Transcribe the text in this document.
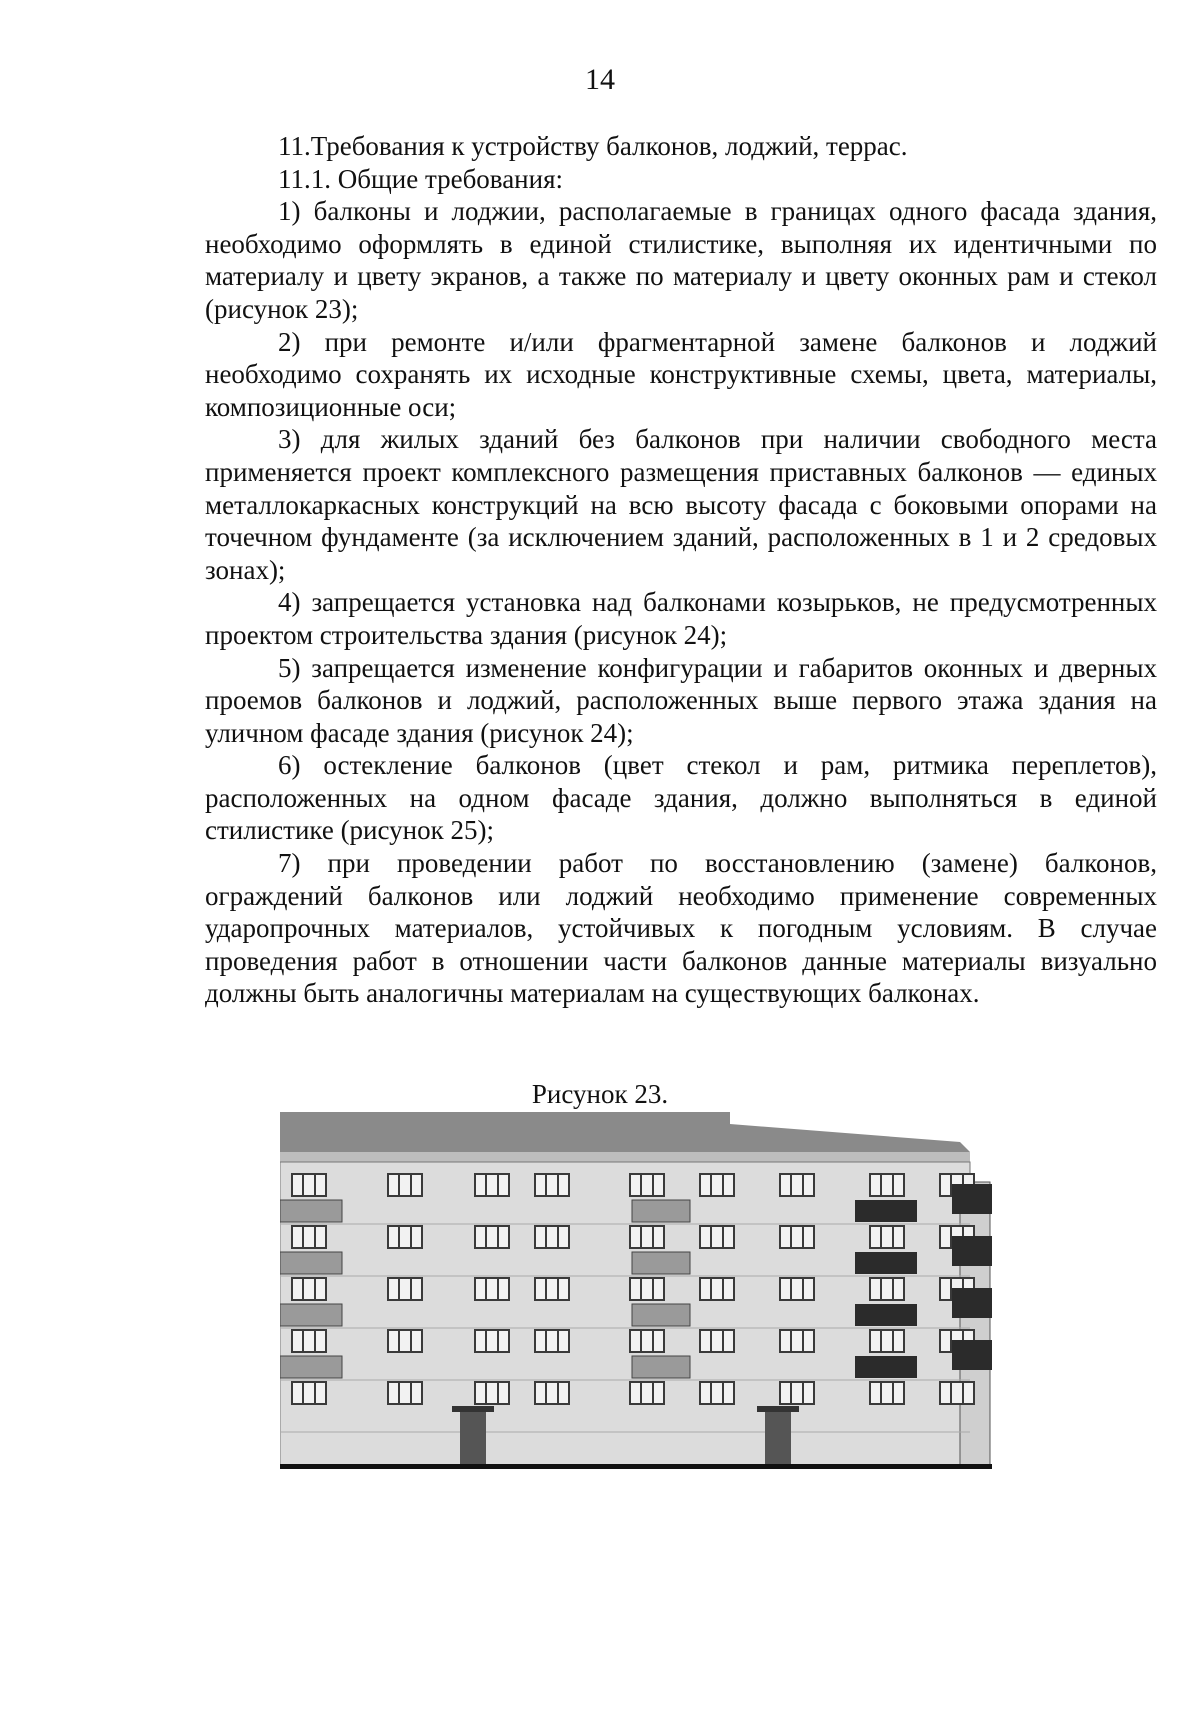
14

11.Требования к устройству балконов, лоджий, террас.

11.1. Общие требования:

1) балконы и лоджии, располагаемые в границах одного фасада здания, необходимо оформлять в единой стилистике, выполняя их идентичными по материалу и цвету экранов, а также по материалу и цвету оконных рам и стекол (рисунок 23);

2) при ремонте и/или фрагментарной замене балконов и лоджий необходимо сохранять их исходные конструктивные схемы, цвета, материалы, композиционные оси;

3) для жилых зданий без балконов при наличии свободного места применяется проект комплексного размещения приставных балконов — единых металлокаркасных конструкций на всю высоту фасада с боковыми опорами на точечном фундаменте (за исключением зданий, расположенных в 1 и 2 средовых зонах);

4) запрещается установка над балконами козырьков, не предусмотренных проектом строительства здания (рисунок 24);

5) запрещается изменение конфигурации и габаритов оконных и дверных проемов балконов и лоджий, расположенных выше первого этажа здания на уличном фасаде здания (рисунок 24);

6) остекление балконов (цвет стекол и рам, ритмика переплетов), расположенных на одном фасаде здания, должно выполняться в единой стилистике (рисунок 25);

7) при проведении работ по восстановлению (замене) балконов, ограждений балконов или лоджий необходимо применение современных ударопрочных материалов, устойчивых к погодным условиям. В случае проведения работ в отношении части балконов данные материалы визуально должны быть аналогичны материалам на существующих балконах.

Рисунок 23.
